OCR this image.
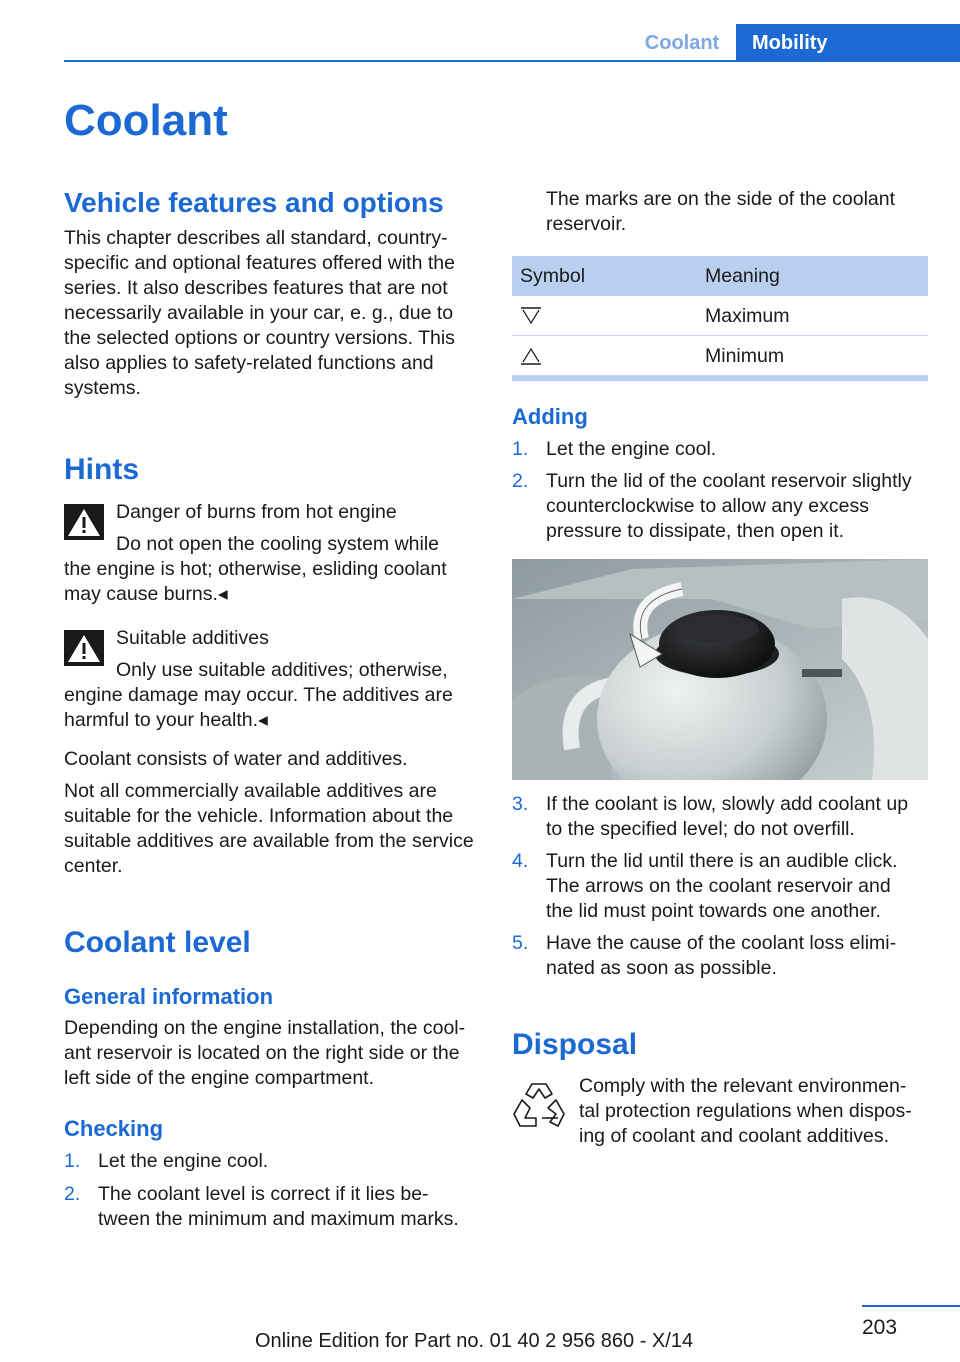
Coolant	Mobility
Coolant
Vehicle features and options
This chapter describes all standard, country-
specific and optional features offered with the
series. It also describes features that are not
necessarily available in your car, e. g., due to
the selected options or country versions. This
also applies to safety-related functions and
systems.
Hints
Danger of burns from hot engine
Do not open the cooling system while
the engine is hot; otherwise, esliding coolant
may cause burns.◂
Suitable additives
Only use suitable additives; otherwise,
engine damage may occur. The additives are
harmful to your health.◂
Coolant consists of water and additives.
Not all commercially available additives are
suitable for the vehicle. Information about the
suitable additives are available from the service
center.
Coolant level
General information
Depending on the engine installation, the cool-
ant reservoir is located on the right side or the
left side of the engine compartment.
Checking
1. Let the engine cool.
2. The coolant level is correct if it lies be-
tween the minimum and maximum marks.
The marks are on the side of the coolant
reservoir.
Symbol	Meaning
Maximum
Minimum
Adding
1. Let the engine cool.
2. Turn the lid of the coolant reservoir slightly
counterclockwise to allow any excess
pressure to dissipate, then open it.
3. If the coolant is low, slowly add coolant up
to the specified level; do not overfill.
4. Turn the lid until there is an audible click.
The arrows on the coolant reservoir and
the lid must point towards one another.
5. Have the cause of the coolant loss elimi-
nated as soon as possible.
Disposal
Comply with the relevant environmen-
tal protection regulations when dispos-
ing of coolant and coolant additives.
203
Online Edition for Part no. 01 40 2 956 860 - X/14
